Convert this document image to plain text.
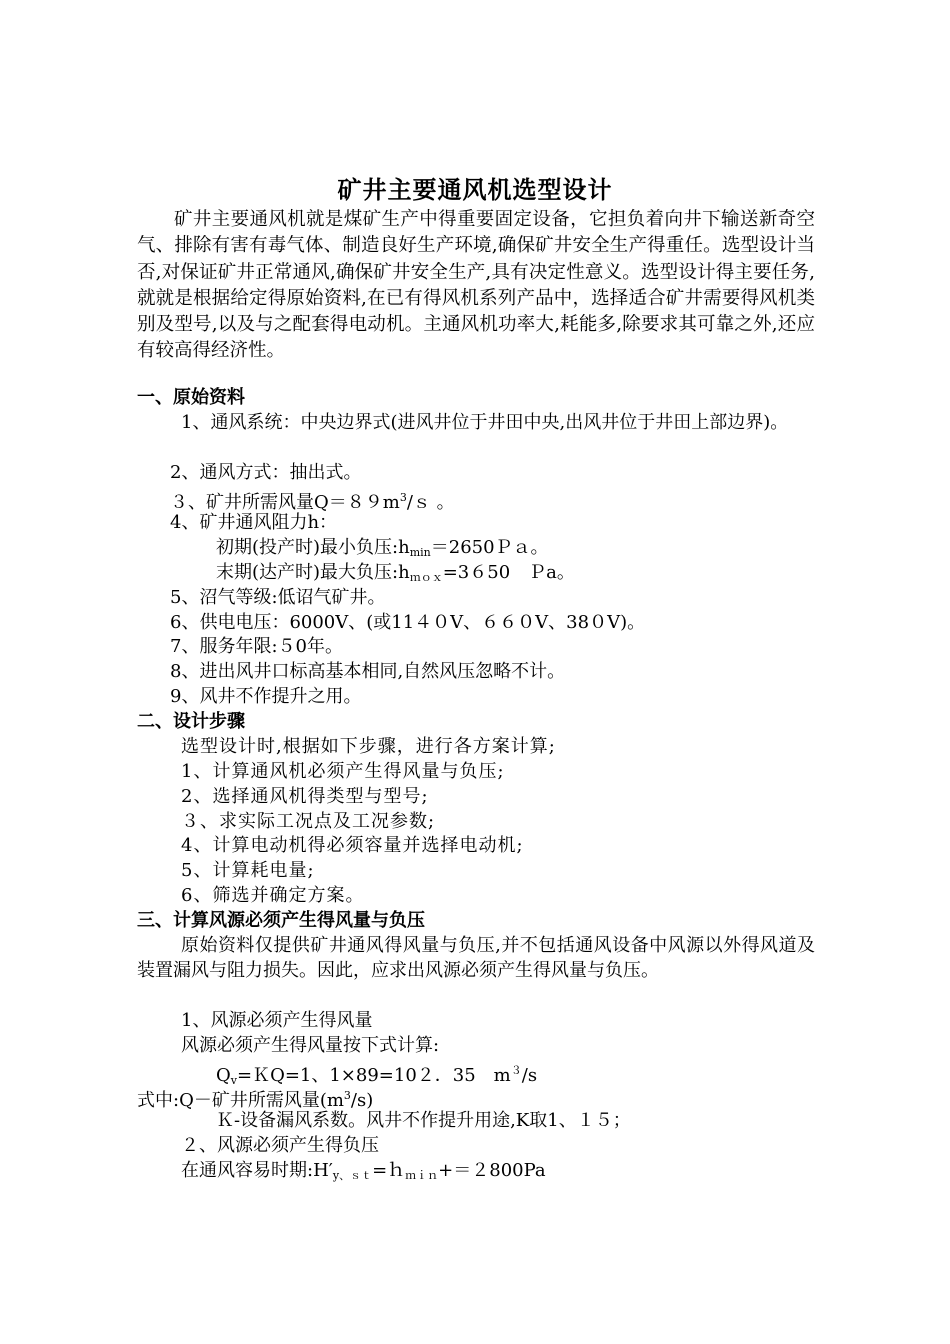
矿井主要通风机选型设计
矿井主要通风机就是煤矿生产中得重要固定设备，它担负着向井下输送新奇空气、排除有害有毒气体、制造良好生产环境,确保矿井安全生产得重任。选型设计当否,对保证矿井正常通风,确保矿井安全生产,具有决定性意义。选型设计得主要任务,就就是根据给定得原始资料,在已有得风机系列产品中，选择适合矿井需要得风机类别及型号,以及与之配套得电动机。主通风机功率大,耗能多,除要求其可靠之外,还应有较高得经济性。
一、原始资料
1、通风系统：中央边界式(进风井位于井田中央,出风井位于井田上部边界)。
2、通风方式：抽出式。
３、矿井所需风量$Q=89m^3/s$ 。
4、矿井通风阻力h：
初期(投产时)最小负压$:h_{min}=2650Pa$。
末期(达产时)最大负压$:h_{mox}=3650$　Ｐa。
5、沼气等级:低诏气矿井。
6、供电电压：6000V、(或11４０V、６６０V、38０V)。
7、服务年限:５0年。
8、进出风井口标高基本相同,自然风压忽略不计。
9、风井不作提升之用。
二、设计步骤
选型设计时,根据如下步骤，进行各方案计算;
1、计算通风机必须产生得风量与负压;
2、选择通风机得类型与型号;
３、求实际工况点及工况参数;
4、计算电动机得必须容量并选择电动机;
5、计算耗电量;
6、筛选并确定方案。
三、计算风源必须产生得风量与负压
原始资料仅提供矿井通风得风量与负压,并不包括通风设备中风源以外得风道及装置漏风与阻力损失。因此，应求出风源必须产生得风量与负压。
1、风源必须产生得风量
风源必须产生得风量按下式计算:
$Q_v=KQ=1$、1×89=10２．35　$m^3/s$
式中:Q－矿井所需风量$(m^3/s)$
Ｋ-设备漏风系数。风井不作提升用途,K取1、１５；
２、风源必须产生得负压
在通风容易时期$:H'_{y、st}=h_{min}+=2800Pa$
